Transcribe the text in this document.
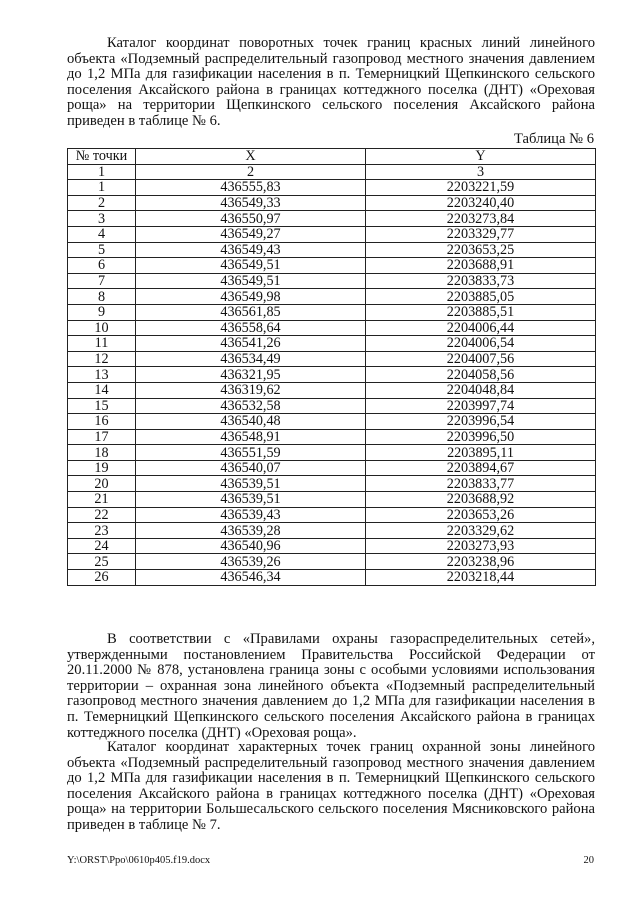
Каталог координат поворотных точек границ красных линий линейного объекта «Подземный распределительный газопровод местного значения давлением до 1,2 МПа для газификации населения в п. Темерницкий Щепкинского сельского поселения Аксайского района в границах коттеджного поселка (ДНТ) «Ореховая роща» на территории Щепкинского сельского поселения Аксайского района приведен в таблице № 6.

Таблица № 6
№ точки	X	Y
1	2	3
1	436555,83	2203221,59
2	436549,33	2203240,40
3	436550,97	2203273,84
4	436549,27	2203329,77
5	436549,43	2203653,25
6	436549,51	2203688,91
7	436549,51	2203833,73
8	436549,98	2203885,05
9	436561,85	2203885,51
10	436558,64	2204006,44
11	436541,26	2204006,54
12	436534,49	2204007,56
13	436321,95	2204058,56
14	436319,62	2204048,84
15	436532,58	2203997,74
16	436540,48	2203996,54
17	436548,91	2203996,50
18	436551,59	2203895,11
19	436540,07	2203894,67
20	436539,51	2203833,77
21	436539,51	2203688,92
22	436539,43	2203653,26
23	436539,28	2203329,62
24	436540,96	2203273,93
25	436539,26	2203238,96
26	436546,34	2203218,44

В соответствии с «Правилами охраны газораспределительных сетей», утвержденными постановлением Правительства Российской Федерации от 20.11.2000 № 878, установлена граница зоны с особыми условиями использования территории – охранная зона линейного объекта «Подземный распределительный газопровод местного значения давлением до 1,2 МПа для газификации населения в п. Темерницкий Щепкинского сельского поселения Аксайского района в границах коттеджного поселка (ДНТ) «Ореховая роща».

Каталог координат характерных точек границ охранной зоны линейного объекта «Подземный распределительный газопровод местного значения давлением до 1,2 МПа для газификации населения в п. Темерницкий Щепкинского сельского поселения Аксайского района в границах коттеджного поселка (ДНТ) «Ореховая роща» на территории Большесальского сельского поселения Мясниковского района приведен в таблице № 7.

Y:\ORST\Ppo\0610p405.f19.docx	20
